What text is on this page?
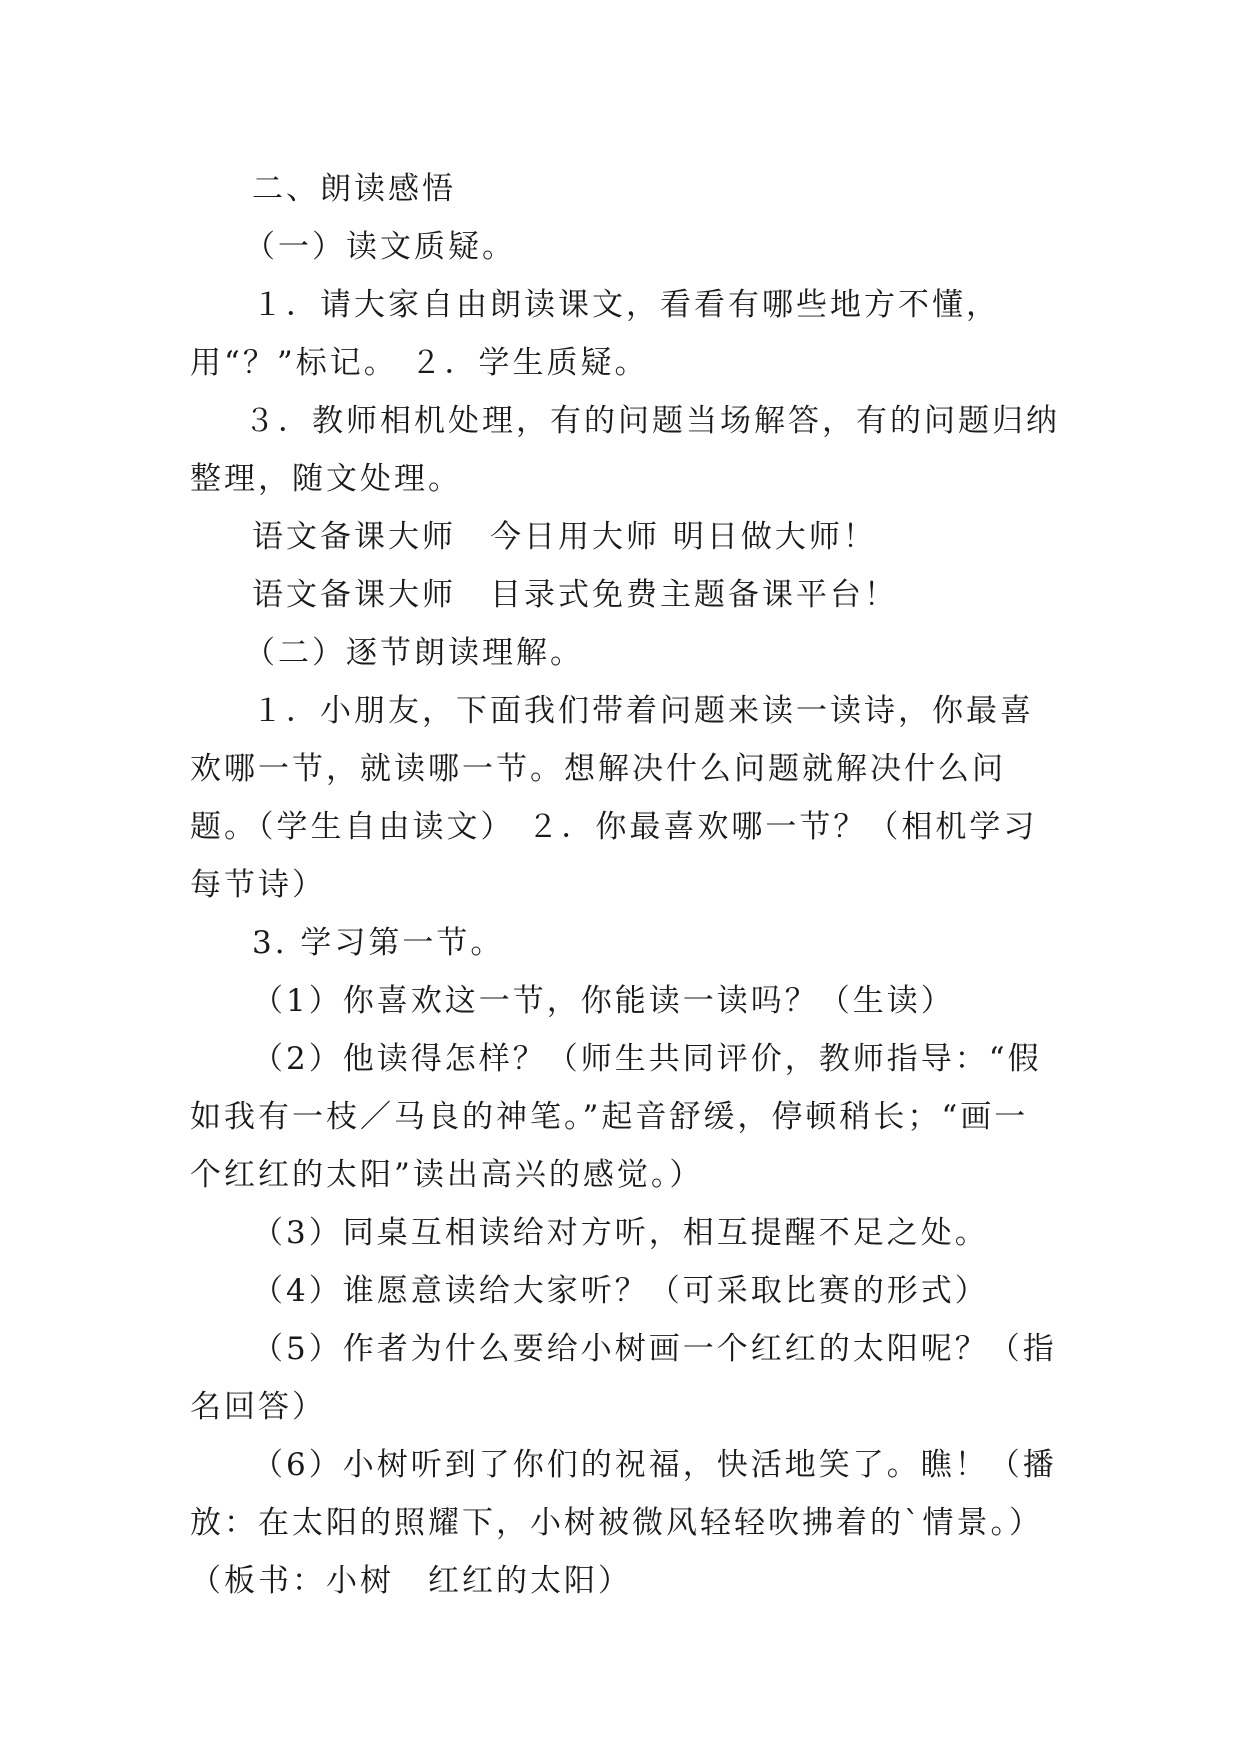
二、朗读感悟

（一）读文质疑。

１．请大家自由朗读课文，看看有哪些地方不懂，用“？”标记。 ２．学生质疑。

３．教师相机处理，有的问题当场解答，有的问题归纳整理，随文处理。

语文备课大师　今日用大师 明日做大师！

语文备课大师　目录式免费主题备课平台！

（二）逐节朗读理解。

１．小朋友，下面我们带着问题来读一读诗，你最喜欢哪一节，就读哪一节。想解决什么问题就解决什么问题。（学生自由读文） ２．你最喜欢哪一节？（相机学习每节诗）

3. 学习第一节。

（1）你喜欢这一节，你能读一读吗？（生读）

（2）他读得怎样？（师生共同评价，教师指导：“假如我有一枝／马良的神笔。”起音舒缓，停顿稍长；“画一个红红的太阳”读出高兴的感觉。）

（3）同桌互相读给对方听，相互提醒不足之处。

（4）谁愿意读给大家听？（可采取比赛的形式）

（5）作者为什么要给小树画一个红红的太阳呢？（指名回答）

（6）小树听到了你们的祝福，快活地笑了。瞧！（播放：在太阳的照耀下，小树被微风轻轻吹拂着的`情景。）（板书：小树　红红的太阳）
